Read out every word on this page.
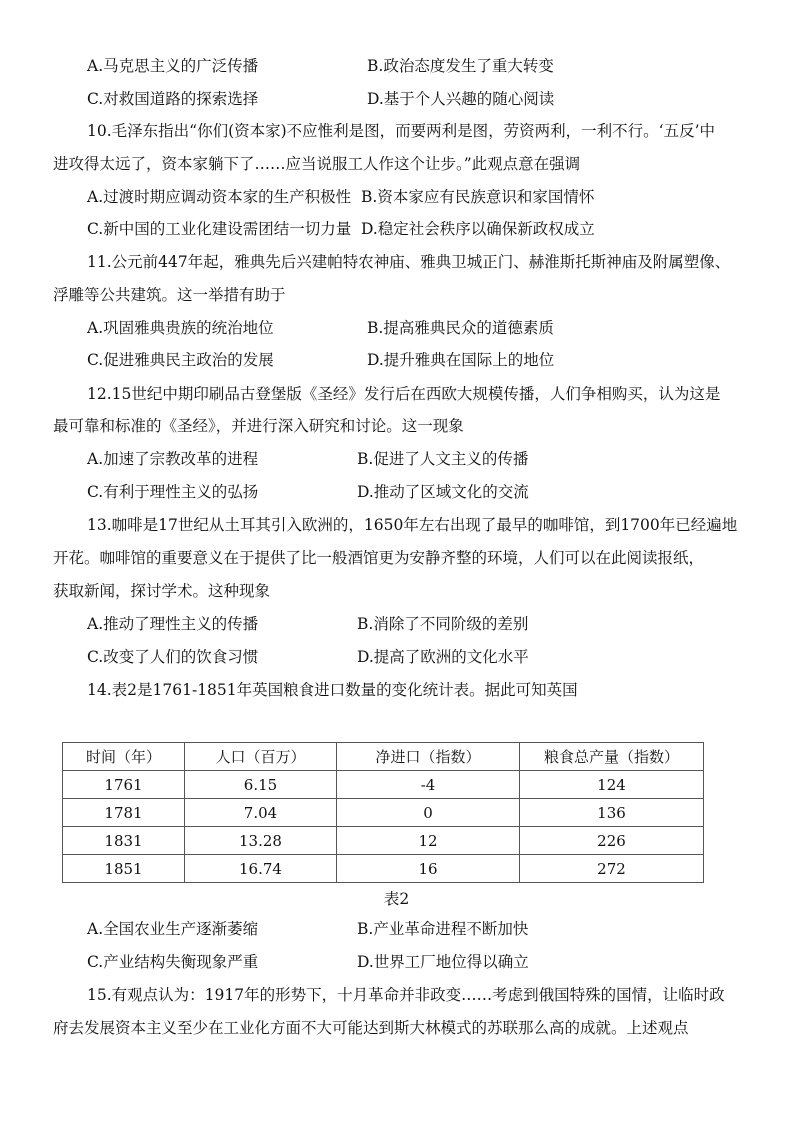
A.马克思主义的广泛传播	B.政治态度发生了重大转变
C.对救国道路的探索选择	D.基于个人兴趣的随心阅读
10.毛泽东指出“你们(资本家)不应惟利是图，而要两利是图，劳资两利，一利不行。‘五反’中
进攻得太远了，资本家躺下了……应当说服工人作这个让步。”此观点意在强调
A.过渡时期应调动资本家的生产积极性 B.资本家应有民族意识和家国情怀
C.新中国的工业化建设需团结一切力量 D.稳定社会秩序以确保新政权成立
11.公元前447年起，雅典先后兴建帕特农神庙、雅典卫城正门、赫淮斯托斯神庙及附属塑像、
浮雕等公共建筑。这一举措有助于
A.巩固雅典贵族的统治地位	B.提高雅典民众的道德素质
C.促进雅典民主政治的发展	D.提升雅典在国际上的地位
12.15世纪中期印刷品古登堡版《圣经》发行后在西欧大规模传播，人们争相购买，认为这是
最可靠和标准的《圣经》，并进行深入研究和讨论。这一现象
A.加速了宗教改革的进程	B.促进了人文主义的传播
C.有利于理性主义的弘扬	D.推动了区域文化的交流
13.咖啡是17世纪从土耳其引入欧洲的，1650年左右出现了最早的咖啡馆，到1700年已经遍地
开花。咖啡馆的重要意义在于提供了比一般酒馆更为安静齐整的环境，人们可以在此阅读报纸，
获取新闻，探讨学术。这种现象
A.推动了理性主义的传播	B.消除了不同阶级的差别
C.改变了人们的饮食习惯	D.提高了欧洲的文化水平
14.表2是1761-1851年英国粮食进口数量的变化统计表。据此可知英国
时间（年）	人口（百万）	净进口（指数）	粮食总产量（指数）
1761	6.15	-4	124
1781	7.04	0	136
1831	13.28	12	226
1851	16.74	16	272
表2
A.全国农业生产逐渐萎缩	B.产业革命进程不断加快
C.产业结构失衡现象严重	D.世界工厂地位得以确立
15.有观点认为：1917年的形势下，十月革命并非政变……考虑到俄国特殊的国情，让临时政
府去发展资本主义至少在工业化方面不大可能达到斯大林模式的苏联那么高的成就。上述观点
